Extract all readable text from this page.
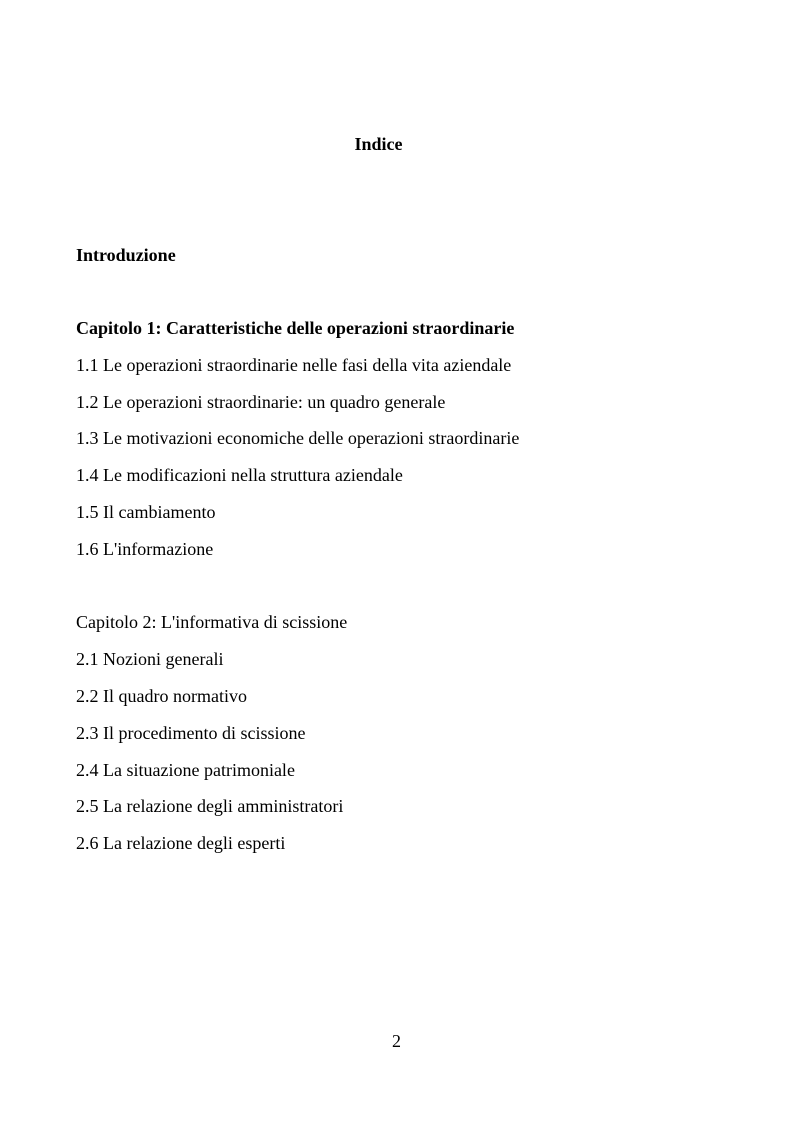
Indice
Introduzione
Capitolo 1: Caratteristiche delle operazioni straordinarie
1.1 Le operazioni straordinarie nelle fasi della vita aziendale
1.2 Le operazioni straordinarie: un quadro generale
1.3 Le motivazioni economiche delle operazioni straordinarie
1.4 Le modificazioni nella struttura aziendale
1.5 Il cambiamento
1.6 L'informazione
Capitolo 2: L'informativa di scissione
2.1 Nozioni generali
2.2 Il quadro normativo
2.3 Il procedimento di scissione
2.4 La situazione patrimoniale
2.5 La relazione degli amministratori
2.6 La relazione degli esperti
2
